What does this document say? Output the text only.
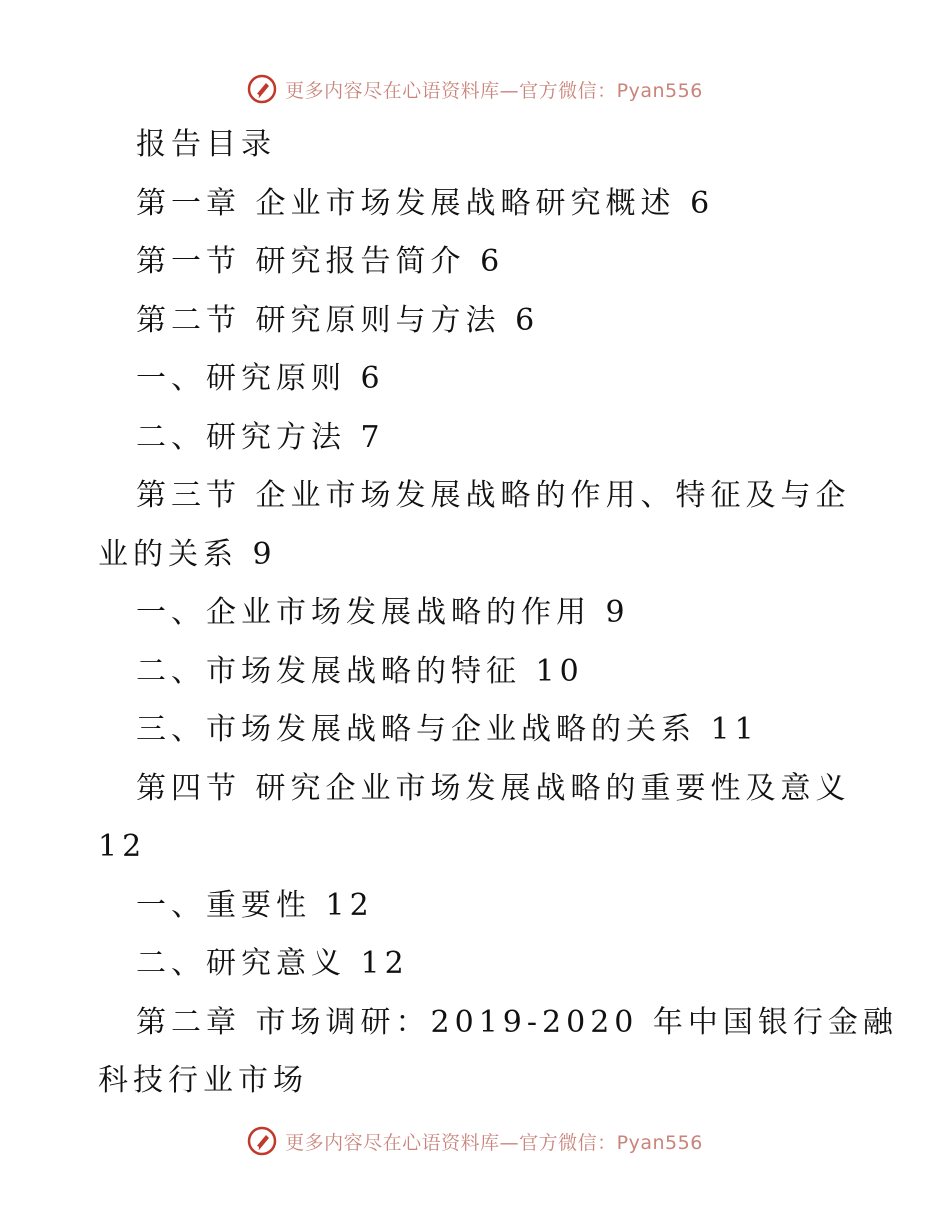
更多内容尽在心语资料库—官方微信：Pyan556
报告目录
第一章 企业市场发展战略研究概述 6
第一节 研究报告简介 6
第二节 研究原则与方法 6
一、研究原则 6
二、研究方法 7
第三节 企业市场发展战略的作用、特征及与企
业的关系 9
一、企业市场发展战略的作用 9
二、市场发展战略的特征 10
三、市场发展战略与企业战略的关系 11
第四节 研究企业市场发展战略的重要性及意义
12
一、重要性 12
二、研究意义 12
第二章 市场调研：2019-2020 年中国银行金融
科技行业市场
更多内容尽在心语资料库—官方微信：Pyan556
